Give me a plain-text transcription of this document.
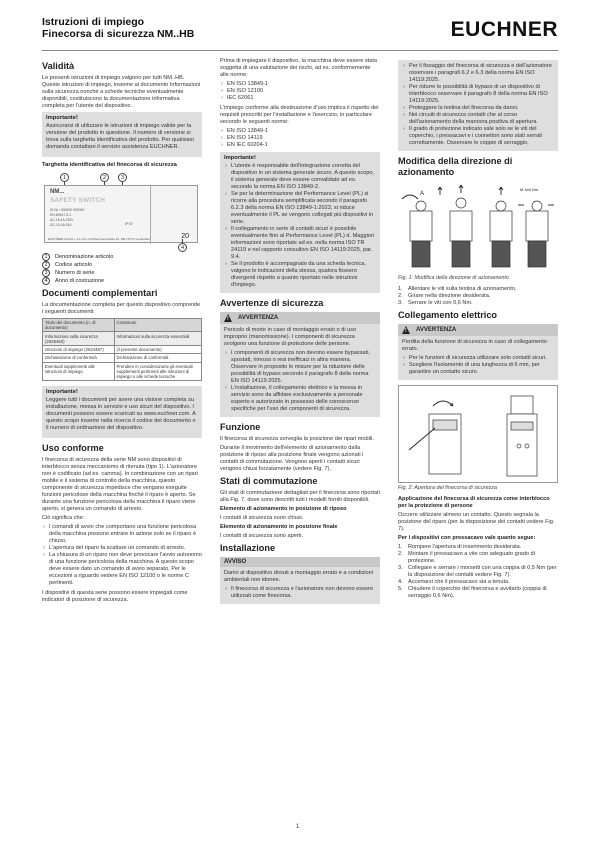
Istruzioni di impiego
Finecorsa di sicurezza NM..HB	EUCHNER
Validità

Le presenti istruzioni di impiego valgono per tutti NM..HB. Queste istruzioni di impiego, insieme al documento Informazioni sulla sicurezza nonché a schede tecniche eventualmente disponibili, costituiscono la documentazione informativa completa per l'utente del dispositivo.

Importante!

Assicurarsi di utilizzare le istruzioni di impiego valide per la versione del prodotto in questione. Il numero di versione si trova sulla targhetta identificativa del prodotto. Per qualsiasi domanda contattare il servizio assistenza EUCHNER.

Targhetta identificativa del finecorsa di sicurezza
1	2	3
NM...
SAFETY SWITCH
ID-Nr.: 000000 000000
EN 60947-5-1
AC-15 4A 230V
DC-13 4A 24V	IP 67
EUCHNER GmbH + Co. KG, Kohlhammerstraße 16, DE-70771 Leinfelden	20
4
1	Denominazione articolo
2	Codice articolo
3	Numero di serie
4	Anno di costruzione
Documenti complementari

La documentazione completa per questo dispositivo comprende i seguenti documenti:

Titolo del documento (n. di documento)	Contenuto
Informazioni sulla sicurezza (2525460)	Informazioni sulla sicurezza essenziali
Istruzioni di impiego (2624487)	(il presente documento)
Dichiarazione di conformità	Dichiarazione di conformità
Eventuali supplementi alle istruzioni di impiego	Prendere in considerazione gli eventuali supplementi pertinenti alle istruzioni di impiego o alle schede tecniche
Importante!

Leggere tutti i documenti per avere una visione completa su installazione, messa in servizio e uso sicuri del dispositivo. I documenti possono essere scaricati su www.euchner.com. A questo scopo inserire nella ricerca il codice del documento o il numero di ordinazione del dispositivo.

Uso conforme

I finecorsa di sicurezza della serie NM sono dispositivi di interblocco senza meccanismo di ritenuta (tipo 1). L'azionatore non è codificato (ad es. camma). In combinazione con un ripari mobile e il sistema di controllo della macchina, questo componente di sicurezza impedisce che vengano eseguite funzioni pericolose della macchina finché il riparo è aperto. Se durante una funzione pericolosa della macchina il riparo viene aperto, si genera un comando di arresto.

Ciò significa che:

› I comandi di avvio che comportano una funzione pericolosa della macchina possono entrare in azione solo se il riparo è chiuso.
› L'apertura del riparo fa scattare un comando di arresto.
› La chiusura di un riparo non deve provocare l'avvio autonomo di una funzione pericolosa della macchina. A questo scopo deve essere dato un comando di avvio separato. Per le eccezioni a riguardo vedere EN ISO 12100 o le norme C pertinenti.

I dispositivi di questa serie possono essere impiegati come indicatori di posizione di sicurezza.

Prima di impiegare il dispositivo, la macchina deve essere stata soggetta di una valutazione dei rischi, ad es. conformemente alle norme:

› EN ISO 13849-1
› EN ISO 12100
› IEC 62061

L'impiego conforme alla destinazione d'uso implica il rispetto dei requisiti prescritti per l'installazione e l'esercizio, in particolare secondo le seguenti norme:

› EN ISO 13849-1
› EN ISO 14119
› EN IEC 60204-1
Importante!
› L'utente è responsabile dell'integrazione corretta del dispositivo in un sistema generale sicuro. A questo scopo, il sistema generale deve essere convalidato ad es. secondo la norma EN ISO 13849-2.
› Se per la determinazione del Performance Level (PL) si ricorre alla procedura semplificata secondo il paragrafo 6.2.3 della norma EN ISO 13849-1:2023, si riduce eventualmente il PL se vengono collegati più dispositivi in serie.
› Il collegamento in serie di contatti sicuri è possibile eventualmente fino al Performance Level (PL) d. Maggiori informazioni sono riportate ad es. nella norma ISO TR 24119 e nel rapporto consultivo EN ISO 14119:2025, par. 9.4.
› Se il prodotto è accompagnato da una scheda tecnica, valgono le indicazioni della stessa, qualora fossero divergenti rispetto a quanto riportato nelle istruzioni d'impiego.
Avvertenze di sicurezza
!
AVVERTENZA

Pericolo di morte in caso di montaggio errato o di uso improprio (manomissione). I componenti di sicurezza svolgono una funzione di protezione delle persone.

› I componenti di sicurezza non devono essere bypassati, spostati, rimossi o resi inefficaci in altra maniera. Osservare in proposito le misure per la riduzione delle possibilità di bypass secondo il paragrafo 8 della norma EN ISO 14119:2025.
› L'installazione, il collegamento elettrico e la messa in servizio sono da affidare esclusivamente a personale esperto e autorizzato in possesso delle conoscenze specifiche per l'uso dei componenti di sicurezza.
Funzione

Il finecorsa di sicurezza sorveglia la posizione dei ripari mobili.

Durante il movimento dell'elemento di azionamento dalla posizione di riposo alla posizione finale vengono azionati i contatti di commutazione. Vengono aperti i contatti sicuri vengono chiusi forzatamente (vedere Fig. 7).

Stati di commutazione

Gli stati di commutazione dettagliati per il finecorsa sono riportati alla Fig. 7. dove sono descritti tutti i modelli forniti disponibili.

Elemento di azionamento in posizione di riposo

I contatti di sicurezza sono chiusi.

Elemento di azionamento in posizione finale

I contatti di sicurezza sono aperti.

Installazione
AVVISO

Danni al dispositivo dovuti a montaggio errato e a condizioni ambientali non idonee.

› Il finecorsa di sicurezza e l'azionatore non devono essere utilizzati come finecorsa.
› Per il fissaggio del finecorsa di sicurezza e dell'azionatore osservare i paragrafi 6.2 e 6.3 della norma EN ISO 14119:2025.
› Per ridurre le possibilità di bypass di un dispositivo di interblocco osservare il paragrafo 8 della norma EN ISO 14119:2025.
› Proteggere la testina del finecorsa da danni.
› Nei circuiti di sicurezza contatti che al corso dell'azionamento della manovra positiva di apertura.
› Il grado di protezione indicato vale solo se le viti del coperchio, i pressacavi e i connettori sono stati serrati correttamente. Osservare le coppie di serraggio.
Modifica della direzione di azionamento
A
M 4x6 Nm
Fig. 1: Modifica della direzione di azionamento
1. Allentare le viti sulla testina di azionamento.
2. Girare nella direzione desiderata.
3. Serrare le viti con 0,6 Nm.
Collegamento elettrico
!
AVVERTENZA

Perdita della funzione di sicurezza in caso di collegamento errato.

› Per le funzioni di sicurezza utilizzare solo contatti sicuri.
› Scegliere l'isolamento di una lunghezza di 6 mm, per garantire un contatto sicuro.
Fig. 2: Apertura del finecorsa di sicurezza

Applicazione del finecorsa di sicurezza come interblocco per la protezione di persone

Occorre utilizzare almeno un contatto. Questo segnala la posizione del riparo (per la disposizione dei contatti vedere Fig. 7).

Per i dispositivi con pressacavo vale quanto segue:

1. Rompere l'apertura di inserimento desiderata.
2. Montare il pressacavo a vite con adeguato grado di protezione.
3. Collegare e serrare i morsetti con una coppia di 0,5 Nm (per la disposizione dei contatti vedere Fig. 7).
4. Accertarsi che il pressacavo sia a tenuta.
5. Chiudere il coperchio del finecorsa e avvitarlo (coppia di serraggio 0,6 Nm).
1
